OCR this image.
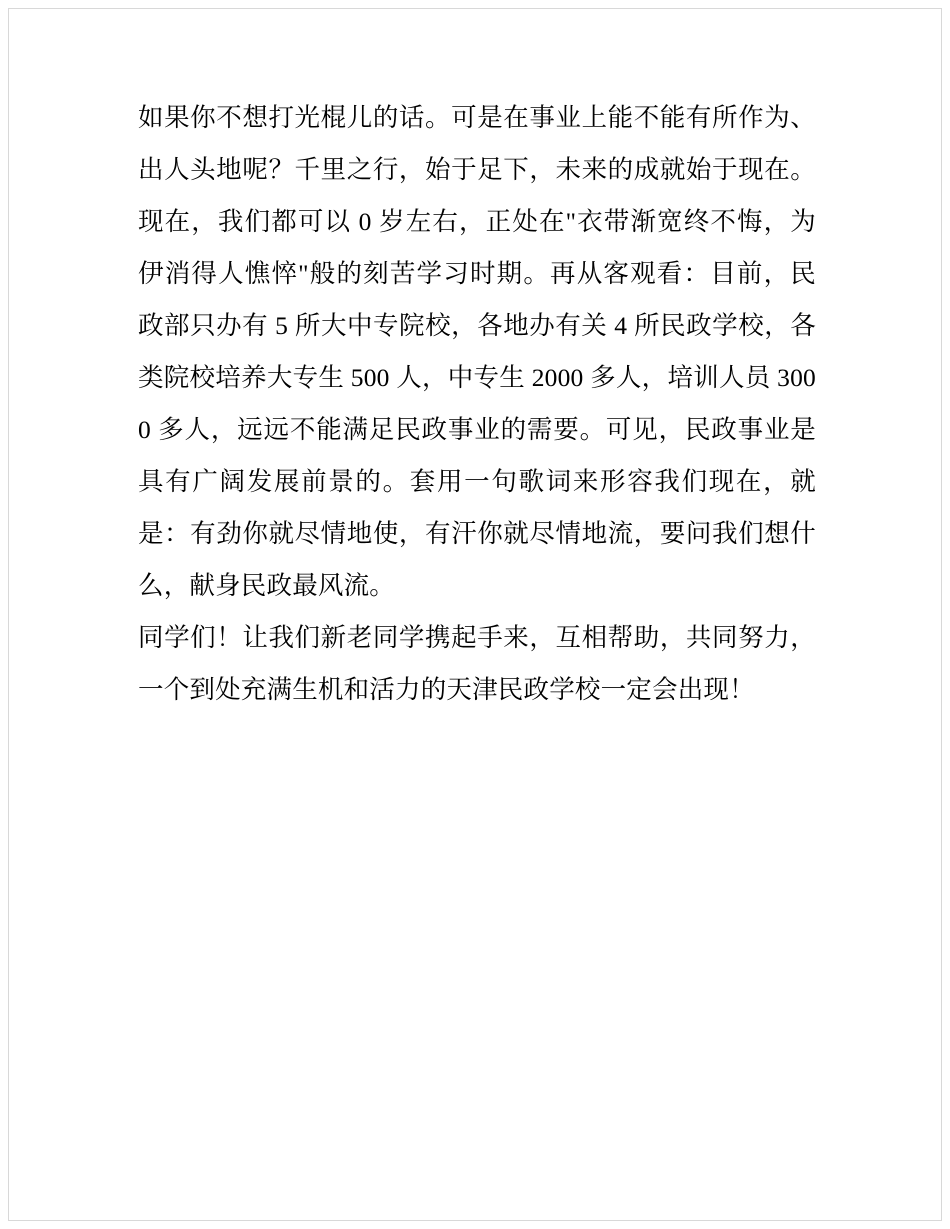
如果你不想打光棍儿的话。可是在事业上能不能有所作为、出人头地呢？千里之行，始于足下，未来的成就始于现在。现在，我们都可以 0 岁左右，正处在"衣带渐宽终不悔，为伊消得人憔悴"般的刻苦学习时期。再从客观看：目前，民政部只办有 5 所大中专院校，各地办有关 4 所民政学校，各类院校培养大专生 500 人，中专生 2000 多人，培训人员 3000 多人，远远不能满足民政事业的需要。可见，民政事业是具有广阔发展前景的。套用一句歌词来形容我们现在，就是：有劲你就尽情地使，有汗你就尽情地流，要问我们想什么，献身民政最风流。

同学们！让我们新老同学携起手来，互相帮助，共同努力，一个到处充满生机和活力的天津民政学校一定会出现！
